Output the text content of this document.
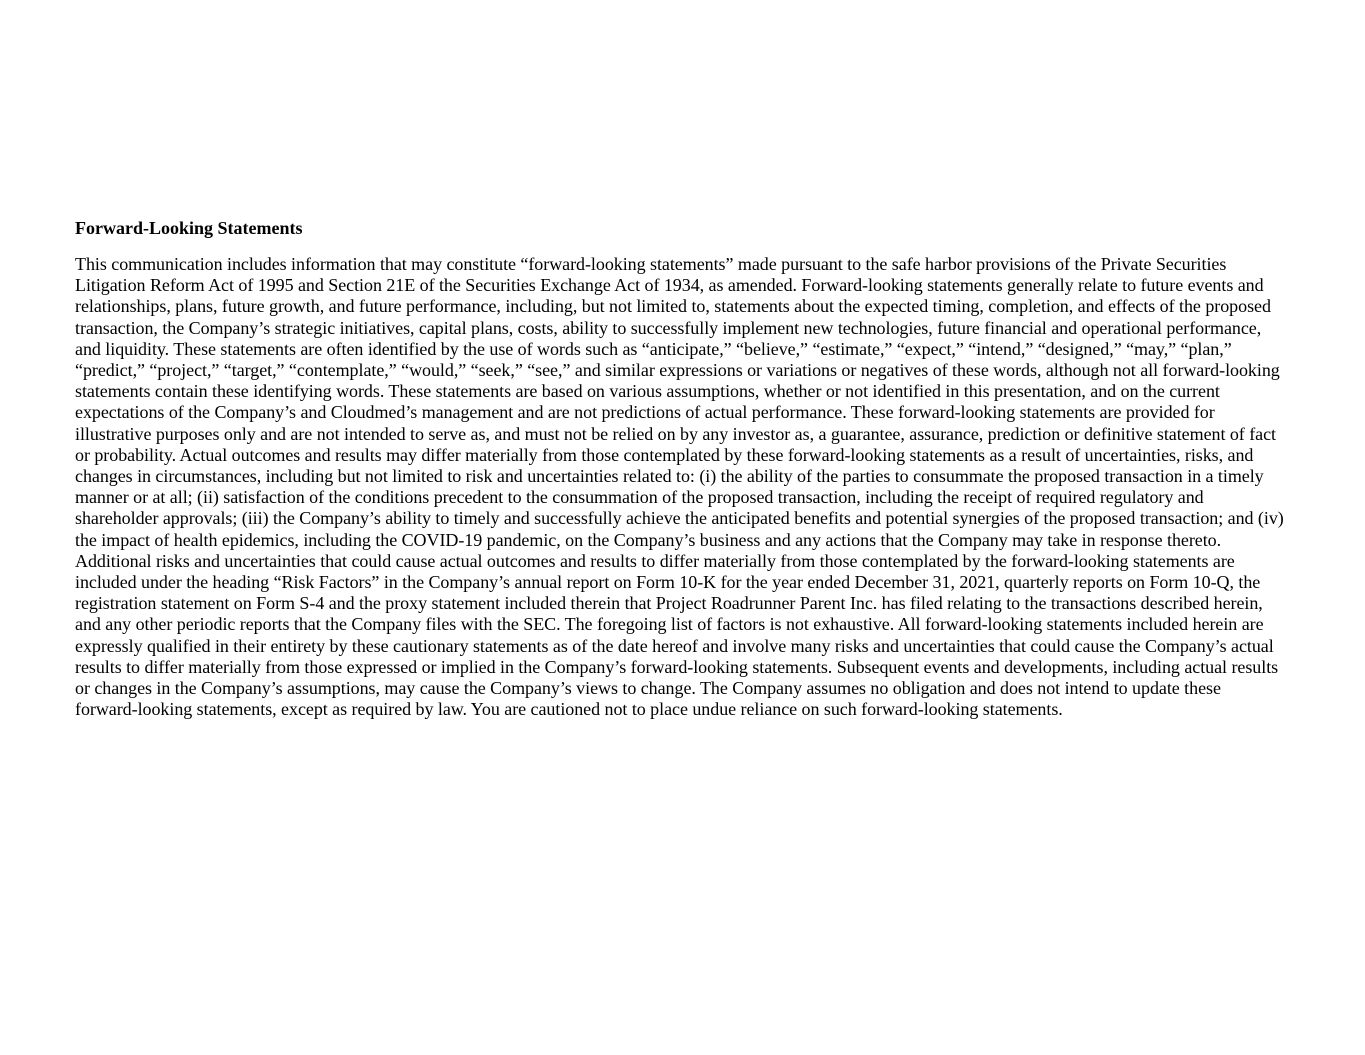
Forward-Looking Statements

This communication includes information that may constitute “forward-looking statements” made pursuant to the safe harbor provisions of the Private Securities Litigation Reform Act of 1995 and Section 21E of the Securities Exchange Act of 1934, as amended. Forward-looking statements generally relate to future events and relationships, plans, future growth, and future performance, including, but not limited to, statements about the expected timing, completion, and effects of the proposed transaction, the Company’s strategic initiatives, capital plans, costs, ability to successfully implement new technologies, future financial and operational performance, and liquidity. These statements are often identified by the use of words such as “anticipate,” “believe,” “estimate,” “expect,” “intend,” “designed,” “may,” “plan,” “predict,” “project,” “target,” “contemplate,” “would,” “seek,” “see,” and similar expressions or variations or negatives of these words, although not all forward-looking statements contain these identifying words. These statements are based on various assumptions, whether or not identified in this presentation, and on the current expectations of the Company’s and Cloudmed’s management and are not predictions of actual performance. These forward-looking statements are provided for illustrative purposes only and are not intended to serve as, and must not be relied on by any investor as, a guarantee, assurance, prediction or definitive statement of fact or probability. Actual outcomes and results may differ materially from those contemplated by these forward-looking statements as a result of uncertainties, risks, and changes in circumstances, including but not limited to risk and uncertainties related to: (i) the ability of the parties to consummate the proposed transaction in a timely manner or at all; (ii) satisfaction of the conditions precedent to the consummation of the proposed transaction, including the receipt of required regulatory and shareholder approvals; (iii) the Company’s ability to timely and successfully achieve the anticipated benefits and potential synergies of the proposed transaction; and (iv) the impact of health epidemics, including the COVID-19 pandemic, on the Company’s business and any actions that the Company may take in response thereto. Additional risks and uncertainties that could cause actual outcomes and results to differ materially from those contemplated by the forward-looking statements are included under the heading “Risk Factors” in the Company’s annual report on Form 10-K for the year ended December 31, 2021, quarterly reports on Form 10-Q, the registration statement on Form S-4 and the proxy statement included therein that Project Roadrunner Parent Inc. has filed relating to the transactions described herein, and any other periodic reports that the Company files with the SEC. The foregoing list of factors is not exhaustive. All forward-looking statements included herein are expressly qualified in their entirety by these cautionary statements as of the date hereof and involve many risks and uncertainties that could cause the Company’s actual results to differ materially from those expressed or implied in the Company’s forward-looking statements. Subsequent events and developments, including actual results or changes in the Company’s assumptions, may cause the Company’s views to change. The Company assumes no obligation and does not intend to update these forward-looking statements, except as required by law. You are cautioned not to place undue reliance on such forward-looking statements.
